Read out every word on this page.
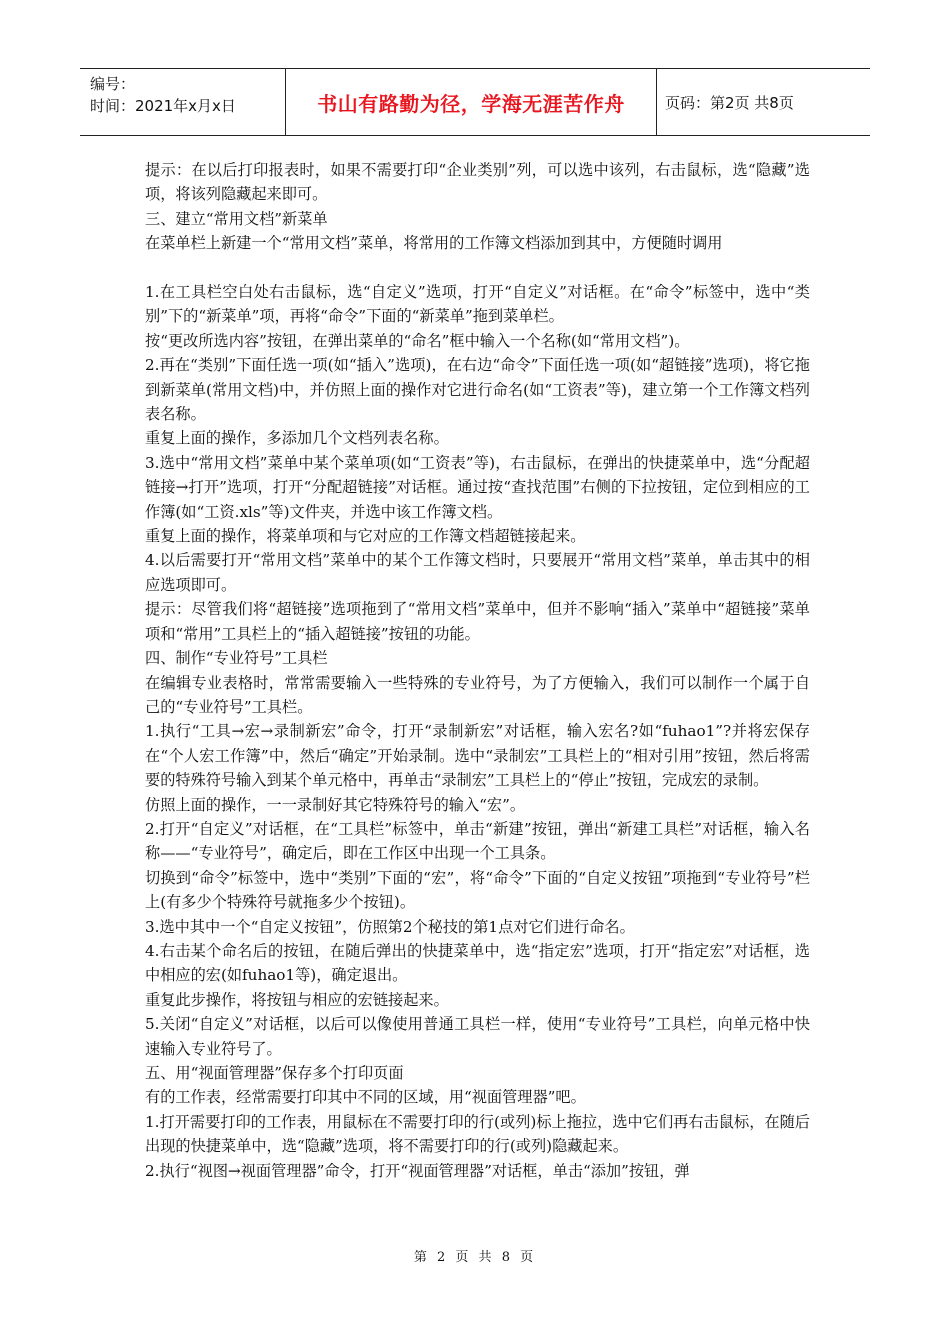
编号：
时间：2021年x月x日	书山有路勤为径，学海无涯苦作舟	页码：第2页 共8页

提示：在以后打印报表时，如果不需要打印“企业类别”列，可以选中该列，右击鼠标，选“隐藏”选项，将该列隐藏起来即可。

三、建立“常用文档”新菜单

在菜单栏上新建一个“常用文档”菜单，将常用的工作簿文档添加到其中，方便随时调用

1.在工具栏空白处右击鼠标，选“自定义”选项，打开“自定义”对话框。在“命令”标签中，选中“类别”下的“新菜单”项，再将“命令”下面的“新菜单”拖到菜单栏。

按“更改所选内容”按钮，在弹出菜单的“命名”框中输入一个名称(如“常用文档”)。

2.再在“类别”下面任选一项(如“插入”选项)，在右边“命令”下面任选一项(如“超链接”选项)，将它拖到新菜单(常用文档)中，并仿照上面的操作对它进行命名(如“工资表”等)，建立第一个工作簿文档列表名称。

重复上面的操作，多添加几个文档列表名称。

3.选中“常用文档”菜单中某个菜单项(如“工资表”等)，右击鼠标，在弹出的快捷菜单中，选“分配超链接→打开”选项，打开“分配超链接”对话框。通过按“查找范围”右侧的下拉按钮，定位到相应的工作簿(如“工资.xls”等)文件夹，并选中该工作簿文档。

重复上面的操作，将菜单项和与它对应的工作簿文档超链接起来。

4.以后需要打开“常用文档”菜单中的某个工作簿文档时，只要展开“常用文档”菜单，单击其中的相应选项即可。

提示：尽管我们将“超链接”选项拖到了“常用文档”菜单中，但并不影响“插入”菜单中“超链接”菜单项和“常用”工具栏上的“插入超链接”按钮的功能。

四、制作“专业符号”工具栏

在编辑专业表格时，常常需要输入一些特殊的专业符号，为了方便输入，我们可以制作一个属于自己的“专业符号”工具栏。

1.执行“工具→宏→录制新宏”命令，打开“录制新宏”对话框，输入宏名?如“fuhao1”?并将宏保存在“个人宏工作簿”中，然后“确定”开始录制。选中“录制宏”工具栏上的“相对引用”按钮，然后将需要的特殊符号输入到某个单元格中，再单击“录制宏”工具栏上的“停止”按钮，完成宏的录制。

仿照上面的操作，一一录制好其它特殊符号的输入“宏”。

2.打开“自定义”对话框，在“工具栏”标签中，单击“新建”按钮，弹出“新建工具栏”对话框，输入名称——“专业符号”，确定后，即在工作区中出现一个工具条。

切换到“命令”标签中，选中“类别”下面的“宏”，将“命令”下面的“自定义按钮”项拖到“专业符号”栏上(有多少个特殊符号就拖多少个按钮)。

3.选中其中一个“自定义按钮”，仿照第2个秘技的第1点对它们进行命名。

4.右击某个命名后的按钮，在随后弹出的快捷菜单中，选“指定宏”选项，打开“指定宏”对话框，选中相应的宏(如fuhao1等)，确定退出。

重复此步操作，将按钮与相应的宏链接起来。

5.关闭“自定义”对话框，以后可以像使用普通工具栏一样，使用“专业符号”工具栏，向单元格中快速输入专业符号了。

五、用“视面管理器”保存多个打印页面

有的工作表，经常需要打印其中不同的区域，用“视面管理器”吧。

1.打开需要打印的工作表，用鼠标在不需要打印的行(或列)标上拖拉，选中它们再右击鼠标，在随后出现的快捷菜单中，选“隐藏”选项，将不需要打印的行(或列)隐藏起来。

2.执行“视图→视面管理器”命令，打开“视面管理器”对话框，单击“添加”按钮，弹

第 2 页 共 8 页
